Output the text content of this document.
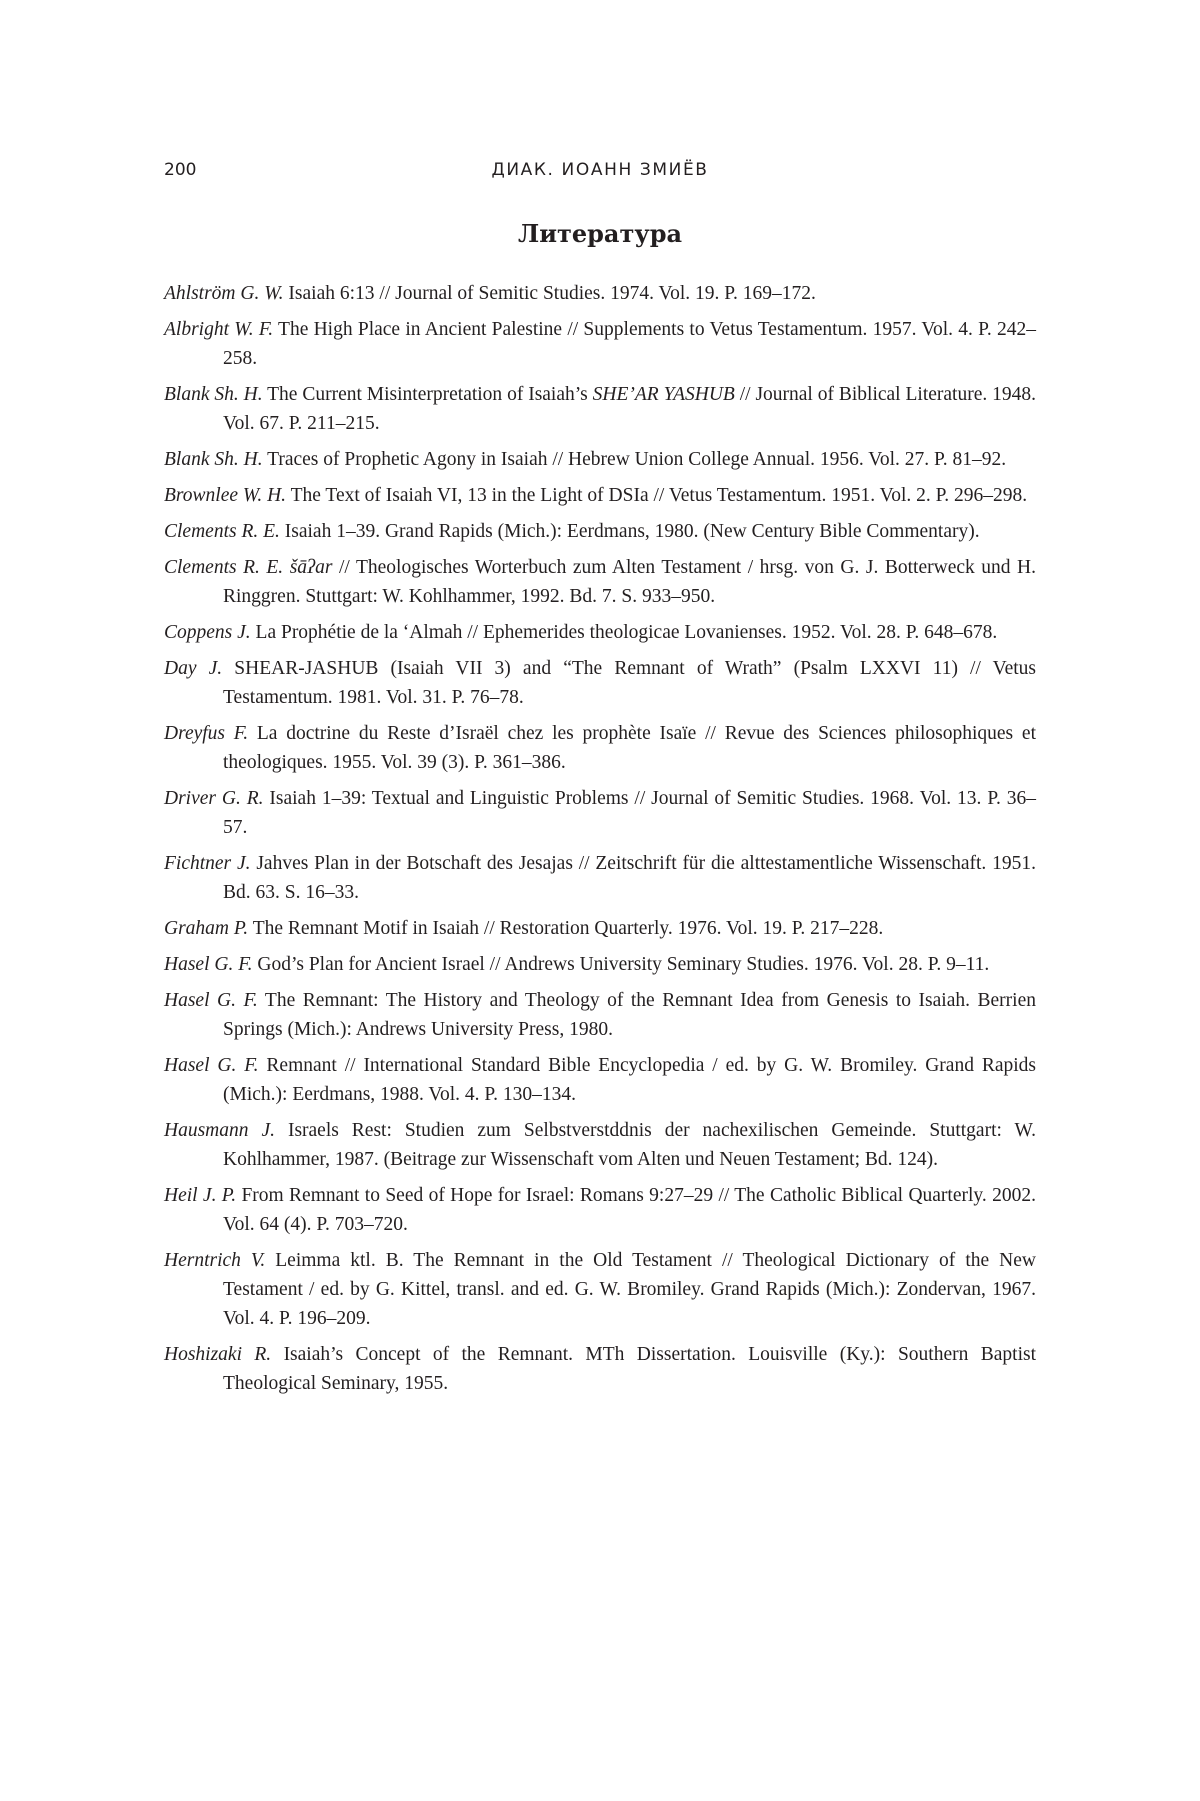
200	ДИАК. ИОАНН ЗМИЁВ
Литература
Ahlström G. W. Isaiah 6:13 // Journal of Semitic Studies. 1974. Vol. 19. P. 169–172.
Albright W. F. The High Place in Ancient Palestine // Supplements to Vetus Testamentum. 1957. Vol. 4. P. 242–258.
Blank Sh. H. The Current Misinterpretation of Isaiah’s SHE’AR YASHUB // Journal of Biblical Literature. 1948. Vol. 67. P. 211–215.
Blank Sh. H. Traces of Prophetic Agony in Isaiah // Hebrew Union College Annual. 1956. Vol. 27. P. 81–92.
Brownlee W. H. The Text of Isaiah VI, 13 in the Light of DSIa // Vetus Testamentum. 1951. Vol. 2. P. 296–298.
Clements R. E. Isaiah 1–39. Grand Rapids (Mich.): Eerdmans, 1980. (New Century Bible Commentary).
Clements R. E. šāʔar // Theologisches Worterbuch zum Alten Testament / hrsg. von G. J. Botterweck und H. Ringgren. Stuttgart: W. Kohlhammer, 1992. Bd. 7. S. 933–950.
Coppens J. La Prophétie de la ‘Almah // Ephemerides theologicae Lovanienses. 1952. Vol. 28. P. 648–678.
Day J. SHEAR-JASHUB (Isaiah VII 3) and “The Remnant of Wrath” (Psalm LXXVI 11) // Vetus Testamentum. 1981. Vol. 31. P. 76–78.
Dreyfus F. La doctrine du Reste d’Israël chez les prophète Isaïe // Revue des Sciences philosophiques et theologiques. 1955. Vol. 39 (3). P. 361–386.
Driver G. R. Isaiah 1–39: Textual and Linguistic Problems // Journal of Semitic Studies. 1968. Vol. 13. P. 36–57.
Fichtner J. Jahves Plan in der Botschaft des Jesajas // Zeitschrift für die alttestamentliche Wissenschaft. 1951. Bd. 63. S. 16–33.
Graham P. The Remnant Motif in Isaiah // Restoration Quarterly. 1976. Vol. 19. P. 217–228.
Hasel G. F. God’s Plan for Ancient Israel // Andrews University Seminary Studies. 1976. Vol. 28. P. 9–11.
Hasel G. F. The Remnant: The History and Theology of the Remnant Idea from Genesis to Isaiah. Berrien Springs (Mich.): Andrews University Press, 1980.
Hasel G. F. Remnant // International Standard Bible Encyclopedia / ed. by G. W. Bromiley. Grand Rapids (Mich.): Eerdmans, 1988. Vol. 4. P. 130–134.
Hausmann J. Israels Rest: Studien zum Selbstverstddnis der nachexilischen Gemeinde. Stuttgart: W. Kohlhammer, 1987. (Beitrage zur Wissenschaft vom Alten und Neuen Testament; Bd. 124).
Heil J. P. From Remnant to Seed of Hope for Israel: Romans 9:27–29 // The Catholic Biblical Quarterly. 2002. Vol. 64 (4). P. 703–720.
Herntrich V. Leimma ktl. B. The Remnant in the Old Testament // Theological Dictionary of the New Testament / ed. by G. Kittel, transl. and ed. G. W. Bromiley. Grand Rapids (Mich.): Zondervan, 1967. Vol. 4. P. 196–209.
Hoshizaki R. Isaiah’s Concept of the Remnant. MTh Dissertation. Louisville (Ky.): Southern Baptist Theological Seminary, 1955.
